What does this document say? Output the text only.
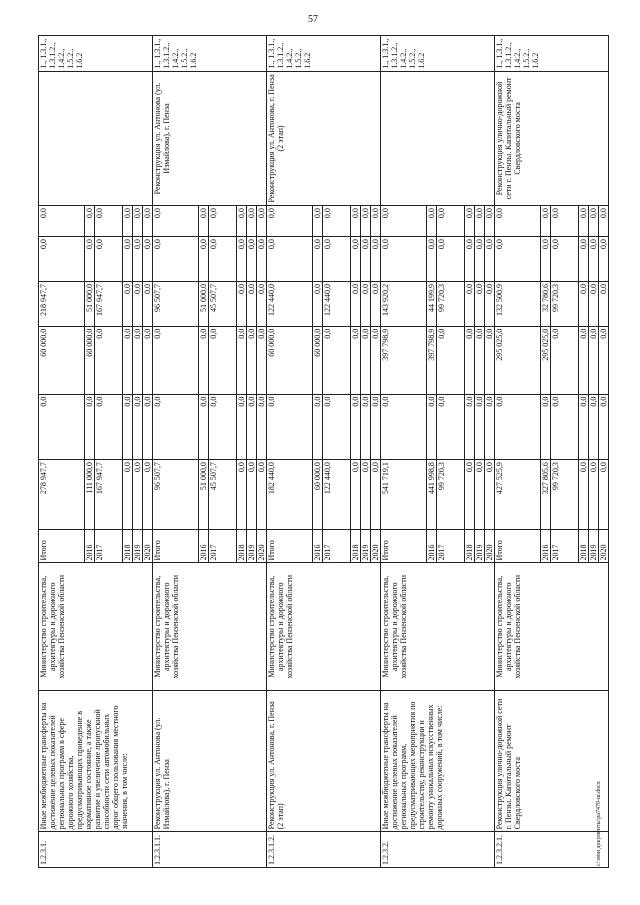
57
1.2.3.1.	Иные межбюджетные трансферты на достижение целевых показателей региональных программ в сфере дорожного хозяйства, предусматривающих приведение в нормативное состояние, а также развитие и увеличение пропускной способности сети автомобильных дорог общего пользования местного значения, в том числе:	Министерство строительства, архитектуры и дорожного хозяйства Пензенской области	Итого	278 947,7	0,0	60 000,0	218 947,7	0,0	0,0		1., 1.3.1., 1.3.1.2., 1.4.2., 1.5.2., 1.6.2
			2016	111 000,0	0,0	60 000,0	51 000,0	0,0	0,0		
			2017	167 947,7	0,0	0,0	167 947,7	0,0	0,0		
			2018	0,0	0,0	0,0	0,0	0,0	0,0		
			2019	0,0	0,0	0,0	0,0	0,0	0,0		
			2020	0,0	0,0	0,0	0,0	0,0	0,0		
1.2.3.1.1.	Реконструкция ул. Антонова (ул. Измайлова), г. Пенза	Министерство строительства, архитектуры и дорожного хозяйства Пензенской области	Итого	96 507,7	0,0	0,0	96 507,7	0,0	0,0	Реконструкция ул. Антонова (ул. Измайлова), г. Пенза	1., 1.3.1., 1.3.1.2., 1.4.2., 1.5.2., 1.6.2
			2016	51 000,0	0,0	0,0	51 000,0	0,0	0,0		
			2017	45 507,7	0,0	0,0	45 507,7	0,0	0,0		
			2018	0,0	0,0	0,0	0,0	0,0	0,0		
			2019	0,0	0,0	0,0	0,0	0,0	0,0		
			2020	0,0	0,0	0,0	0,0	0,0	0,0		
1.2.3.1.2.	Реконструкция ул. Антонова, г. Пенза (2 этап)	Министерство строительства, архитектуры и дорожного хозяйства Пензенской области	Итого	182 440,0	0,0	60 000,0	122 440,0	0,0	0,0	Реконструкция ул. Антонова, г. Пенза (2 этап)	1., 1.3.1., 1.3.1.2., 1.4.2., 1.5.2., 1.6.2
			2016	60 000,0	0,0	60 000,0	0,0	0,0	0,0		
			2017	122 440,0	0,0	0,0	122 440,0	0,0	0,0		
			2018	0,0	0,0	0,0	0,0	0,0	0,0		
			2019	0,0	0,0	0,0	0,0	0,0	0,0		
			2020	0,0	0,0	0,0	0,0	0,0	0,0		
1.2.3.2.	Иные межбюджетные трансферты на достижение целевых показателей региональных программ, предусматривающих мероприятия по строительству, реконструкции и ремонту уникальных искусственных дорожных сооружений, в том числе:	Министерство строительства, архитектуры и дорожного хозяйства Пензенской области	Итого	541 719,1	0,0	397 798,9	143 920,2	0,0	0,0		1., 1.3.1., 1.3.1.2., 1.4.2., 1.5.2., 1.6.2
			2016	441 998,8	0,0	397 798,9	44 199,9	0,0	0,0		
			2017	99 720,3	0,0	0,0	99 720,3	0,0	0,0		
			2018	0,0	0,0	0,0	0,0	0,0	0,0		
			2019	0,0	0,0	0,0	0,0	0,0	0,0		
			2020	0,0	0,0	0,0	0,0	0,0	0,0		
1.2.3.2.1.	Реконструкция улично-дорожной сети г. Пензы. Капитальный ремонт Свердловского моста	Министерство строительства, архитектуры и дорожного хозяйства Пензенской области	Итого	427 525,9	0,0	295 025,0	132 500,9	0,0	0,0	Реконструкция улично-дорожной сети г. Пензы. Капитальный ремонт Свердловского моста	1., 1.3.1., 1.3.1.2., 1.4.2., 1.5.2., 1.6.2
			2016	327 805,6	0,0	295 025,0	32 780,6	0,0	0,0		
			2017	99 720,3	0,0	0,0	99 720,3	0,0	0,0		
			2018	0,0	0,0	0,0	0,0	0,0	0,0		
			2019	0,0	0,0	0,0	0,0	0,0	0,0		
			2020	0,0	0,0	0,0	0,0	0,0	0,0		
c:\мои документы\ра7470-ш.docx
